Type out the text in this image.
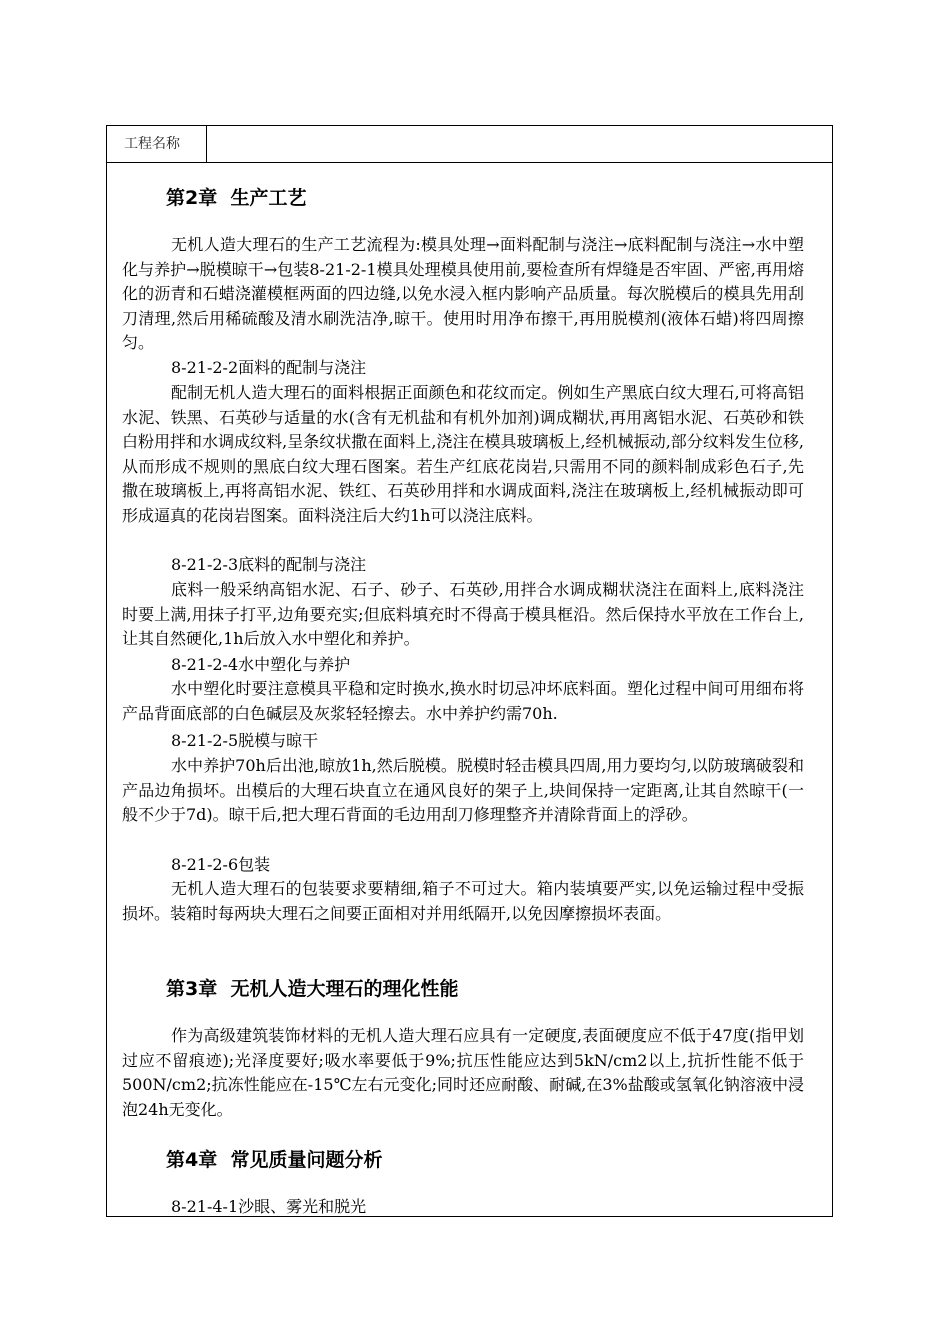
工程名称
第2章  生产工艺

无机人造大理石的生产工艺流程为:模具处理→面料配制与浇注→底料配制与浇注→水中塑化与养护→脱模晾干→包装8-21-2-1模具处理模具使用前,要检查所有焊缝是否牢固、严密,再用熔化的沥青和石蜡浇灌模框两面的四边缝,以免水浸入框内影响产品质量。每次脱模后的模具先用刮刀清理,然后用稀硫酸及清水刷洗洁净,晾干。使用时用净布擦干,再用脱模剂(液体石蜡)将四周擦匀。

8-21-2-2面料的配制与浇注

配制无机人造大理石的面料根据正面颜色和花纹而定。例如生产黑底白纹大理石,可将高铝水泥、铁黑、石英砂与适量的水(含有无机盐和有机外加剂)调成糊状,再用离铝水泥、石英砂和铁白粉用拌和水调成纹料,呈条纹状撒在面料上,浇注在模具玻璃板上,经机械振动,部分纹料发生位移,从而形成不规则的黑底白纹大理石图案。若生产红底花岗岩,只需用不同的颜料制成彩色石子,先撒在玻璃板上,再将高铝水泥、铁红、石英砂用拌和水调成面料,浇注在玻璃板上,经机械振动即可形成逼真的花岗岩图案。面料浇注后大约1h可以浇注底料。

8-21-2-3底料的配制与浇注

底料一般采纳高铝水泥、石子、砂子、石英砂,用拌合水调成糊状浇注在面料上,底料浇注时要上满,用抹子打平,边角要充实;但底料填充时不得高于模具框沿。然后保持水平放在工作台上,让其自然硬化,1h后放入水中塑化和养护。

8-21-2-4水中塑化与养护

水中塑化时要注意模具平稳和定时换水,换水时切忌冲坏底料面。塑化过程中间可用细布将产品背面底部的白色碱层及灰浆轻轻擦去。水中养护约需70h.

8-21-2-5脱模与晾干

水中养护70h后出池,晾放1h,然后脱模。脱模时轻击模具四周,用力要均匀,以防玻璃破裂和产品边角损坏。出模后的大理石块直立在通风良好的架子上,块间保持一定距离,让其自然晾干(一般不少于7d)。晾干后,把大理石背面的毛边用刮刀修理整齐并清除背面上的浮砂。

8-21-2-6包装

无机人造大理石的包装要求要精细,箱子不可过大。箱内装填要严实,以免运输过程中受振损坏。装箱时每两块大理石之间要正面相对并用纸隔开,以免因摩擦损坏表面。

第3章  无机人造大理石的理化性能

作为高级建筑装饰材料的无机人造大理石应具有一定硬度,表面硬度应不低于47度(指甲划过应不留痕迹);光泽度要好;吸水率要低于9%;抗压性能应达到5kN/cm2以上,抗折性能不低于500N/cm2;抗冻性能应在-15℃左右元变化;同时还应耐酸、耐碱,在3%盐酸或氢氧化钠溶液中浸泡24h无变化。

第4章  常见质量问题分析
8-21-4-1沙眼、雾光和脱光
